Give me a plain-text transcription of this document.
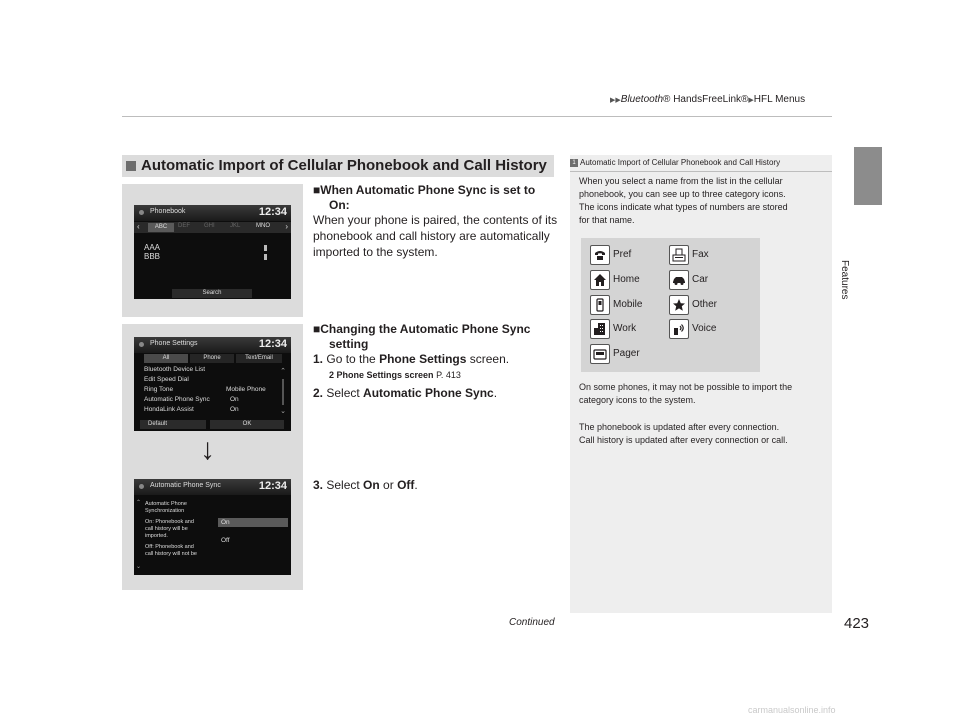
▶▶Bluetooth® HandsFreeLink®▶HFL Menus
Features
Automatic Import of Cellular Phonebook and Call History
Phonebook	12:34
‹	ABC	DEF GHI	JKL	MNO ›
AAA
BBB
Search
Phone Settings	12:34
All	Phone	Text/Email
Bluetooth Device List
Edit Speed Dial
Ring Tone	Mobile Phone
Automatic Phone Sync	On
HondaLink Assist	On
⌃
⌄
Default	OK
↓
Automatic Phone Sync	12:34
⌃
⌄
Automatic Phone
Synchronization
On: Phonebook and
call history will be
imported.
Off: Phonebook and
call history will not be
On
Off
■When Automatic Phone Sync is set to
On:
When your phone is paired, the contents of its
phonebook and call history are automatically
imported to the system.
■Changing the Automatic Phone Sync
setting
1. Go to the Phone Settings screen.
2 Phone Settings screen P. 413
2. Select Automatic Phone Sync.
3. Select On or Off.
1 Automatic Import of Cellular Phonebook and Call History
When you select a name from the list in the cellular
phonebook, you can see up to three category icons.
The icons indicate what types of numbers are stored
for that name.
Pref	Fax
Home	Car
Mobile	Other
Work	Voice
Pager
On some phones, it may not be possible to import the
category icons to the system.
The phonebook is updated after every connection.
Call history is updated after every connection or call.
Continued	423
carmanualsonline.info
